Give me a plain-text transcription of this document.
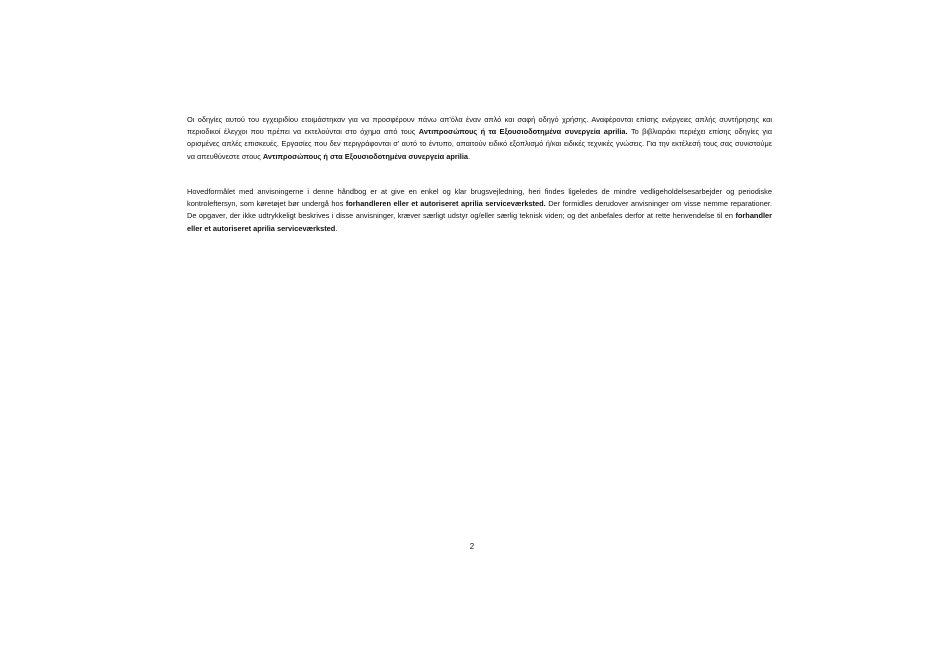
Οι οδηγίες αυτού του εγχειριδίου ετοιμάστηκαν για να προσφέρουν πάνω απ'όλα έναν απλό και σαφή οδηγό χρήσης. Αναφέρονται επίσης ενέργειες απλής συντήρησης και περιοδικοί έλεγχοι που πρέπει να εκτελούνται στο όχημα από τους Αντιπροσώπους ή τα Εξουσιοδοτημένα συνεργεία aprilia. Το βιβλιαράκι περιέχει επίσης οδηγίες για ορισμένες απλές επισκευές. Εργασίες που δεν περιγράφονται σ' αυτό το έντυπο, απαιτούν ειδικό εξοπλισμό ή/και ειδικές τεχνικές γνώσεις. Για την εκτέλεσή τους σας συνιστούμε να απευθύνεστε στους Αντιπροσώπους ή στα Εξουσιοδοτημένα συνεργεία aprilia.

Hovedformålet med anvisningerne i denne håndbog er at give en enkel og klar brugsvejledning, heri findes ligeledes de mindre vedligeholdelsesarbejder og periodiske kontroleftersyn, som køretøjet bør undergå hos forhandleren eller et autoriseret aprilia serviceværksted. Der formidles derudover anvisninger om visse nemme reparationer. De opgaver, der ikke udtrykkeligt beskrives i disse anvisninger, kræver særligt udstyr og/eller særlig teknisk viden; og det anbefales derfor at rette henvendelse til en forhandler eller et autoriseret aprilia serviceværksted.

2
